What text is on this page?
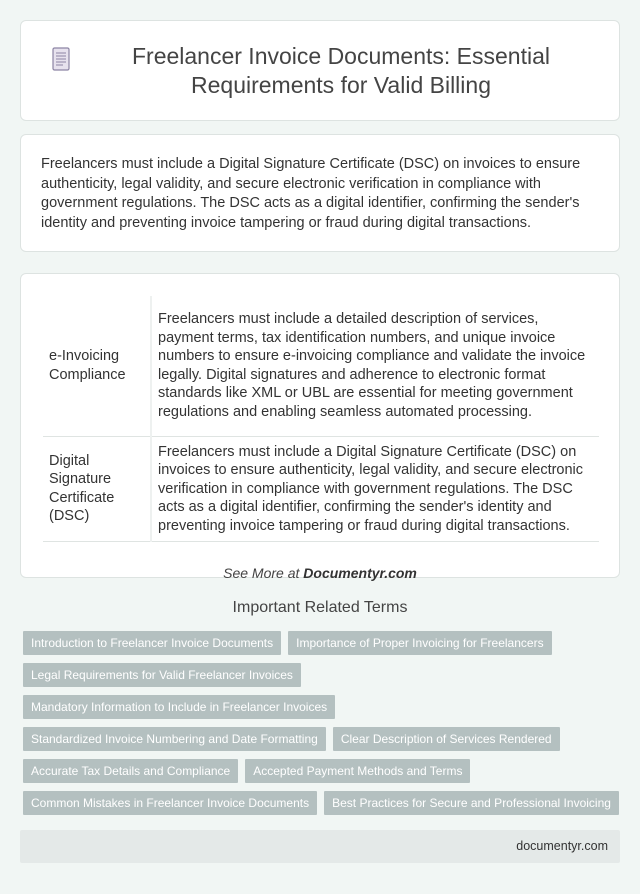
Freelancer Invoice Documents: Essential Requirements for Valid Billing

Freelancers must include a Digital Signature Certificate (DSC) on invoices to ensure authenticity, legal validity, and secure electronic verification in compliance with government regulations. The DSC acts as a digital identifier, confirming the sender's identity and preventing invoice tampering or fraud during digital transactions.

e-Invoicing Compliance	Freelancers must include a detailed description of services, payment terms, tax identification numbers, and unique invoice numbers to ensure e-invoicing compliance and validate the invoice legally. Digital signatures and adherence to electronic format standards like XML or UBL are essential for meeting government regulations and enabling seamless automated processing.
Digital Signature Certificate (DSC)	Freelancers must include a Digital Signature Certificate (DSC) on invoices to ensure authenticity, legal validity, and secure electronic verification in compliance with government regulations. The DSC acts as a digital identifier, confirming the sender's identity and preventing invoice tampering or fraud during digital transactions.
See More at Documentyr.com
Important Related Terms
Introduction to Freelancer Invoice Documents	Importance of Proper Invoicing for Freelancers
Legal Requirements for Valid Freelancer Invoices
Mandatory Information to Include in Freelancer Invoices
Standardized Invoice Numbering and Date Formatting	Clear Description of Services Rendered
Accurate Tax Details and Compliance	Accepted Payment Methods and Terms
Common Mistakes in Freelancer Invoice Documents	Best Practices for Secure and Professional Invoicing
documentyr.com
